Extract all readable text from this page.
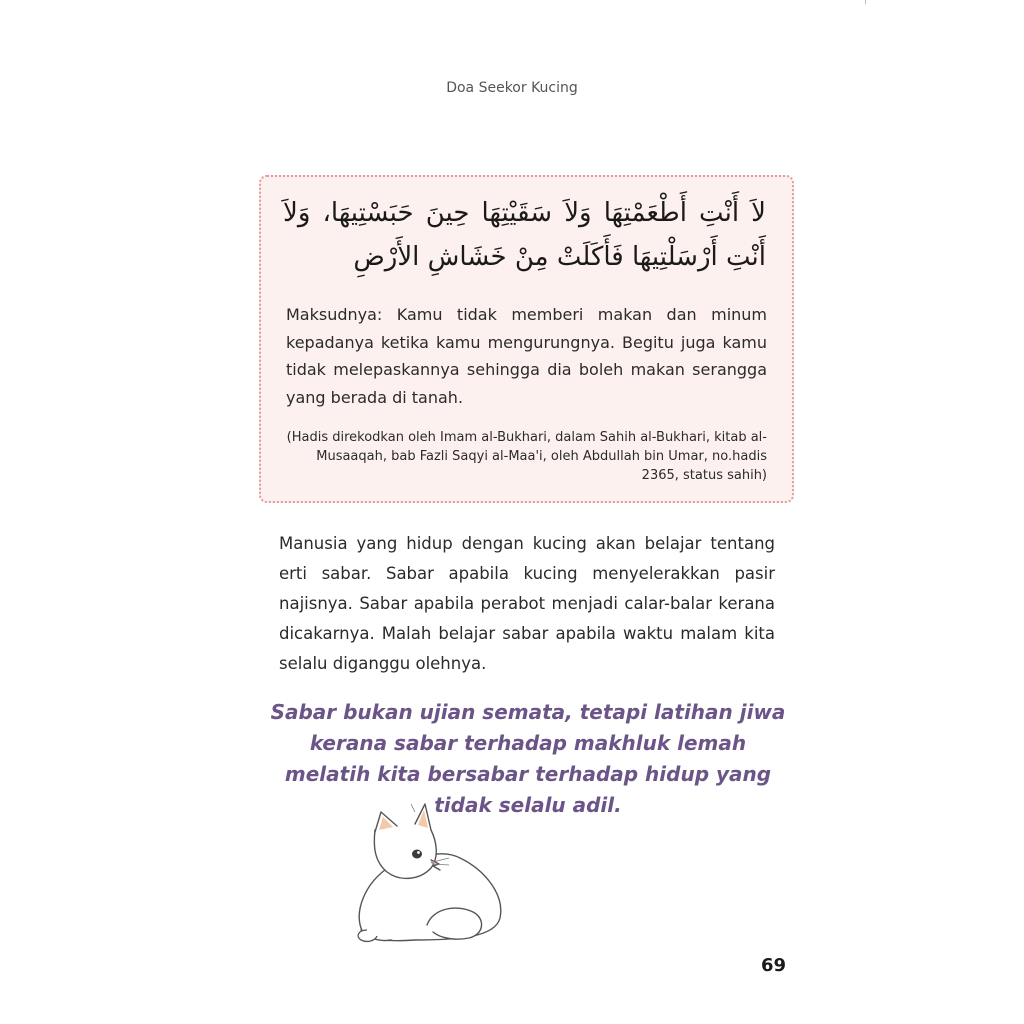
Doa Seekor Kucing
لاَ أَنْتِ أَطْعَمْتِهَا وَلاَ سَقَيْتِهَا حِينَ حَبَسْتِيهَا، وَلاَ أَنْتِ أَرْسَلْتِيهَا فَأَكَلَتْ مِنْ خَشَاشِ الأَرْضِ
Maksudnya: Kamu tidak memberi makan dan minum kepadanya ketika kamu mengurungnya. Begitu juga kamu tidak melepaskannya sehingga dia boleh makan serangga yang berada di tanah.
(Hadis direkodkan oleh Imam al-Bukhari, dalam Sahih al-Bukhari, kitab al-Musaaqah, bab Fazli Saqyi al-Maa'i, oleh Abdullah bin Umar, no.hadis 2365, status sahih)
Manusia yang hidup dengan kucing akan belajar tentang erti sabar. Sabar apabila kucing menyelerakkan pasir najisnya. Sabar apabila perabot menjadi calar-balar kerana dicakarnya. Malah belajar sabar apabila waktu malam kita selalu diganggu olehnya.
Sabar bukan ujian semata, tetapi latihan jiwa kerana sabar terhadap makhluk lemah melatih kita bersabar terhadap hidup yang tidak selalu adil.
69
